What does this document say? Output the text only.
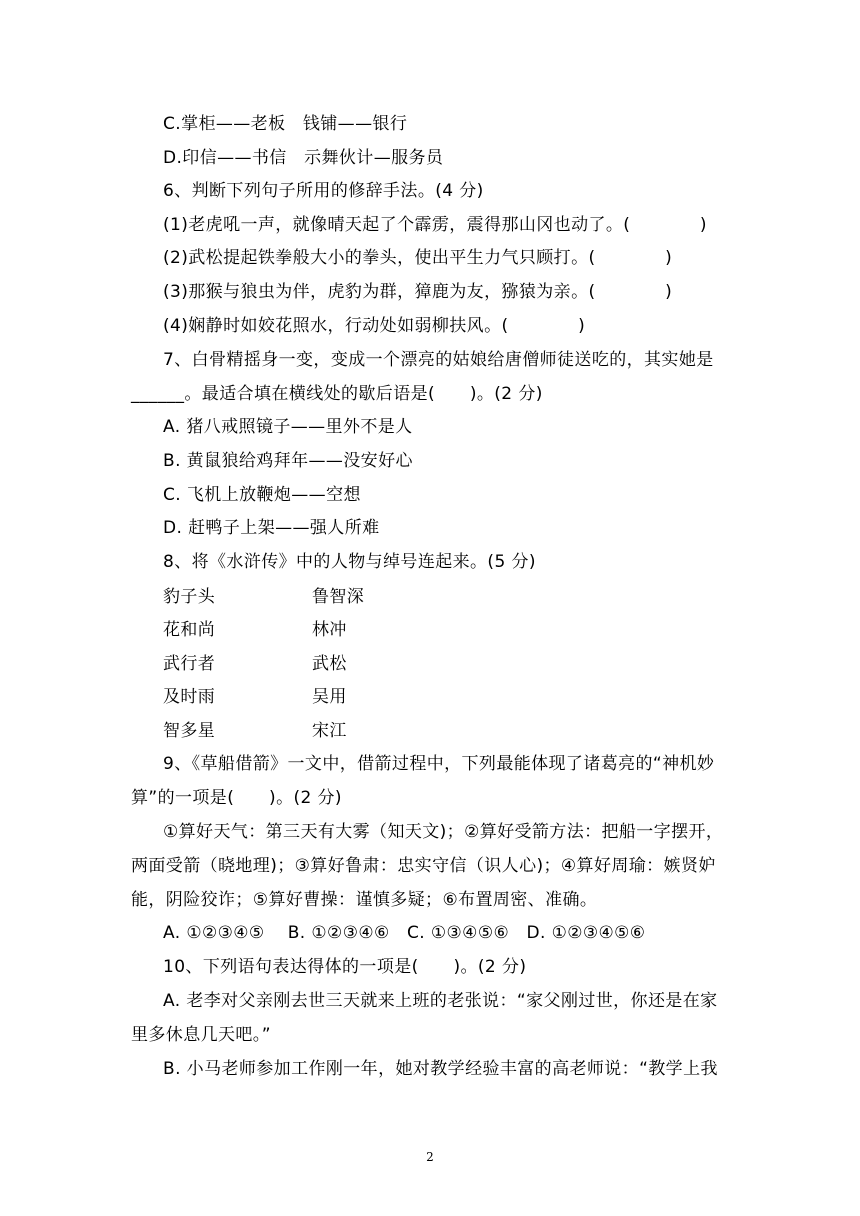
C.掌柜——老板　钱铺——银行
D.印信——书信　示舞伙计—服务员
6、判断下列句子所用的修辞手法。(4 分)
(1)老虎吼一声，就像晴天起了个霹雳，震得那山冈也动了。(　　　　)
(2)武松提起铁拳般大小的拳头，使出平生力气只顾打。(　　　　)
(3)那猴与狼虫为伴，虎豹为群，獐鹿为友，猕猿为亲。(　　　　)
(4)娴静时如姣花照水，行动处如弱柳扶风。(　　　　)
7、白骨精摇身一变，变成一个漂亮的姑娘给唐僧师徒送吃的，其实她是
______。最适合填在横线处的歇后语是(　　)。(2 分)
A. 猪八戒照镜子——里外不是人
B. 黄鼠狼给鸡拜年——没安好心
C. 飞机上放鞭炮——空想
D. 赶鸭子上架——强人所难
8、将《水浒传》中的人物与绰号连起来。(5 分)
豹子头	鲁智深
花和尚	林冲
武行者	武松
及时雨	吴用
智多星	宋江
9、《草船借箭》一文中，借箭过程中，下列最能体现了诸葛亮的“神机妙
算”的一项是(　　)。(2 分)
①算好天气：第三天有大雾（知天文)；②算好受箭方法：把船一字摆开，
两面受箭（晓地理)；③算好鲁肃：忠实守信（识人心)；④算好周瑜：嫉贤妒
能，阴险狡诈；⑤算好曹操：谨慎多疑；⑥布置周密、准确。
A. ①②③④⑤　 B. ①②③④⑥　C. ①③④⑤⑥　D. ①②③④⑤⑥
10、下列语句表达得体的一项是(　　)。(2 分)
A. 老李对父亲刚去世三天就来上班的老张说：“家父刚过世，你还是在家
里多休息几天吧。”
B. 小马老师参加工作刚一年，她对教学经验丰富的高老师说：“教学上我
2
